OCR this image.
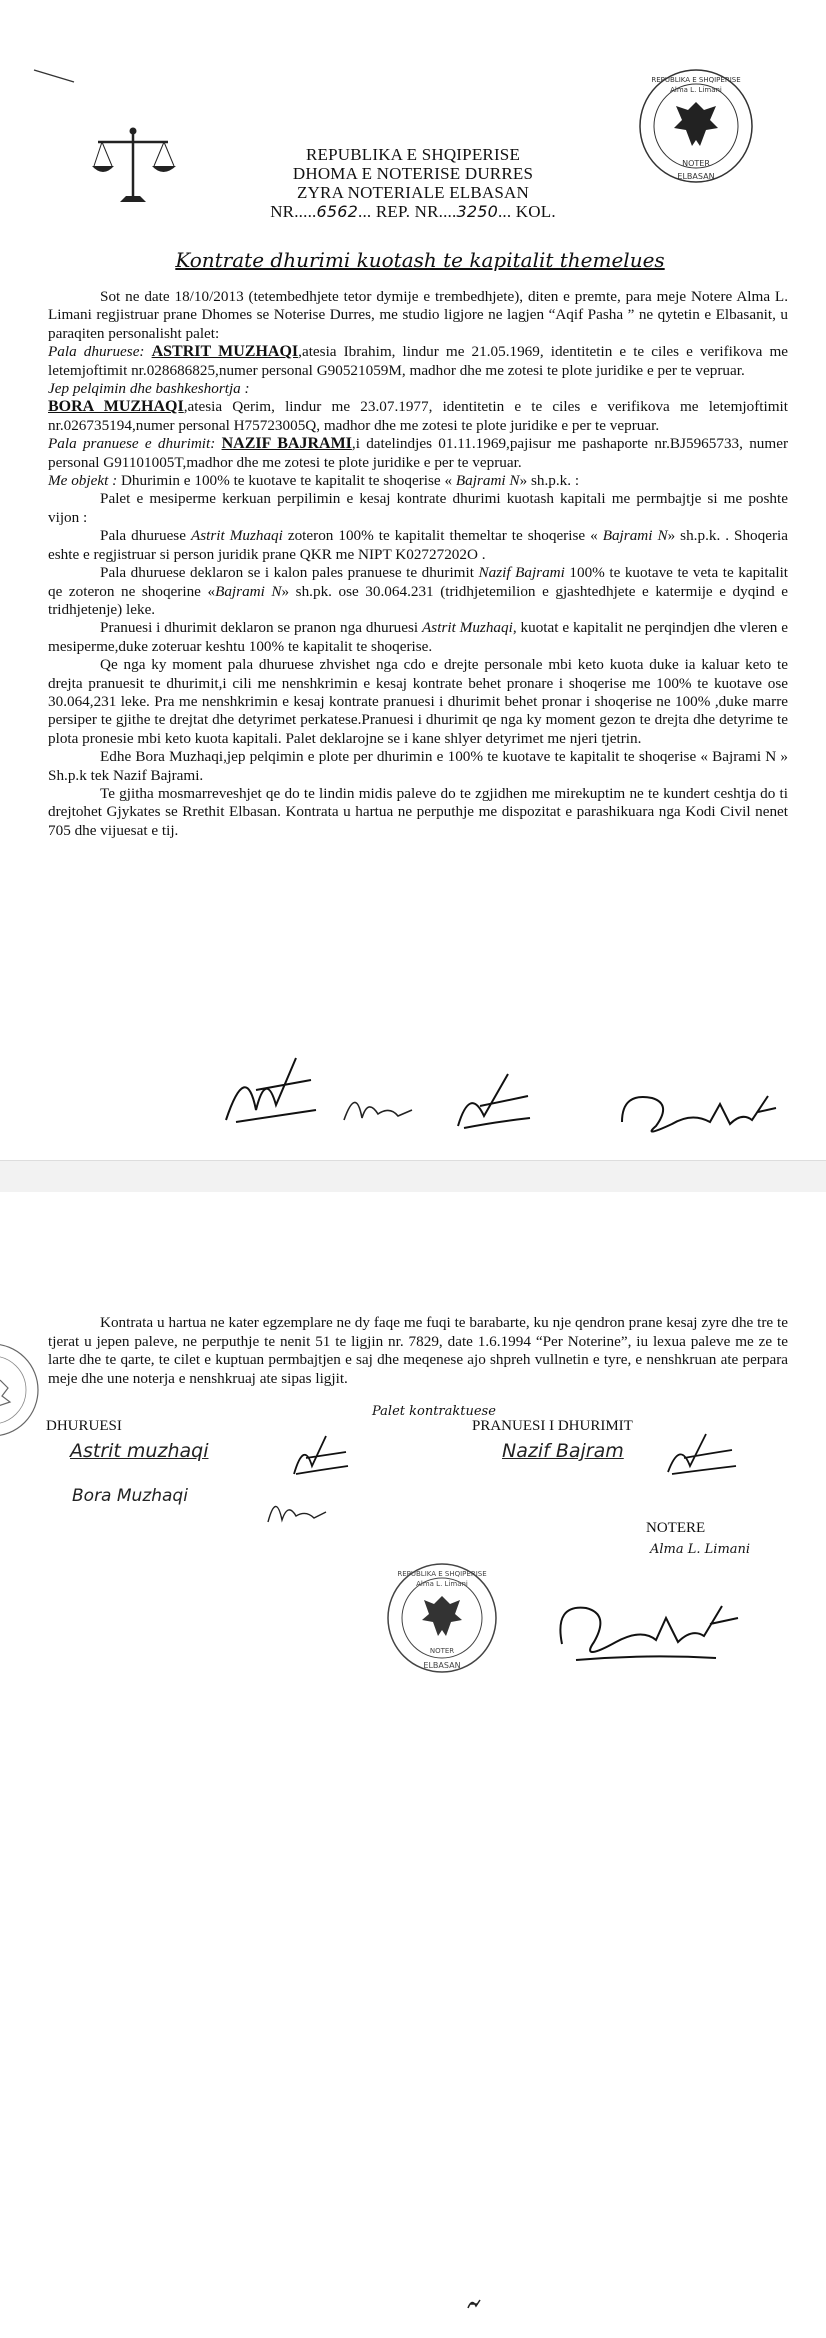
NOTER
ELBASAN
REPUBLIKA E SHQIPERISE
Alma L. Limani
REPUBLIKA E SHQIPERISE
DHOMA E NOTERISE DURRES
ZYRA NOTERIALE ELBASAN
NR.....6562... REP. NR....3250... KOL.
Kontrate dhurimi kuotash te kapitalit themelues

Sot ne date 18/10/2013 (tetembedhjete tetor dymije e trembedhjete), diten e premte, para meje Notere Alma L. Limani regjistruar prane Dhomes se Noterise Durres, me studio ligjore ne lagjen “Aqif Pasha ” ne qytetin e Elbasanit, u paraqiten personalisht palet:

Pala dhuruese: ASTRIT MUZHAQI,atesia Ibrahim, lindur me 21.05.1969, identitetin e te ciles e verifikova me letemjoftimit nr.028686825,numer personal G90521059M, madhor dhe me zotesi te plote juridike e per te vepruar.

Jep pelqimin dhe bashkeshortja :

BORA MUZHAQI,atesia Qerim, lindur me 23.07.1977, identitetin e te ciles e verifikova me letemjoftimit nr.026735194,numer personal H75723005Q, madhor dhe me zotesi te plote juridike e per te vepruar.

Pala pranuese e dhurimit: NAZIF BAJRAMI,i datelindjes 01.11.1969,pajisur me pashaporte nr.BJ5965733, numer personal G91101005T,madhor dhe me zotesi te plote juridike e per te vepruar.

Me objekt : Dhurimin e 100% te kuotave te kapitalit te shoqerise « Bajrami N» sh.p.k. :

Palet e mesiperme kerkuan perpilimin e kesaj kontrate dhurimi kuotash kapitali me permbajtje si me poshte vijon :

Pala dhuruese Astrit Muzhaqi zoteron 100% te kapitalit themeltar te shoqerise « Bajrami N» sh.p.k. . Shoqeria eshte e regjistruar si person juridik prane QKR me NIPT K02727202O .

Pala dhuruese deklaron se i kalon pales pranuese te dhurimit Nazif Bajrami 100% te kuotave te veta te kapitalit qe zoteron ne shoqerine «Bajrami N» sh.pk. ose 30.064.231 (tridhjetemilion e gjashtedhjete e katermije e dyqind e tridhjetenje) leke.

Pranuesi i dhurimit deklaron se pranon nga dhuruesi Astrit Muzhaqi, kuotat e kapitalit ne perqindjen dhe vleren e mesiperme,duke zoteruar keshtu 100% te kapitalit te shoqerise.

Qe nga ky moment pala dhuruese zhvishet nga cdo e drejte personale mbi keto kuota duke ia kaluar keto te drejta pranuesit te dhurimit,i cili me nenshkrimin e kesaj kontrate behet pronare i shoqerise me 100% te kuotave ose 30.064,231 leke. Pra me nenshkrimin e kesaj kontrate pranuesi i dhurimit behet pronar i shoqerise ne 100% ,duke marre persiper te gjithe te drejtat dhe detyrimet perkatese.Pranuesi i dhurimit qe nga ky moment gezon te drejta dhe detyrime te plota pronesie mbi keto kuota kapitali. Palet deklarojne se i kane shlyer detyrimet me njeri tjetrin.

Edhe Bora Muzhaqi,jep pelqimin e plote per dhurimin e 100% te kuotave te kapitalit te shoqerise « Bajrami N » Sh.p.k tek Nazif Bajrami.

Te gjitha mosmarreveshjet qe do te lindin midis paleve do te zgjidhen me mirekuptim ne te kundert ceshtja do ti drejtohet Gjykates se Rrethit Elbasan. Kontrata u hartua ne perputhje me dispozitat e parashikuara nga Kodi Civil nenet 705 dhe vijuesat e tij.

Kontrata u hartua ne kater egzemplare ne dy faqe me fuqi te barabarte, ku nje qendron prane kesaj zyre dhe tre te tjerat u jepen paleve, ne perputhje te nenit 51 te ligjin nr. 7829, date 1.6.1994 “Per Noterine”, iu lexua paleve me ze te larte dhe te qarte, te cilet e kuptuan permbajtjen e saj dhe meqenese ajo shpreh vullnetin e tyre, e nenshkruan ate perpara meje dhe une noterja e nenshkruaj ate sipas ligjit.

Palet kontraktuese
DHURUESI	PRANUESI I DHURIMIT
Astrit muzhaqi
Bora Muzhaqi
Nazif Bajram
NOTERE
Alma L. Limani
REPUBLIKA E SHQIPERISE
Alma L. Limani
NOTER
ELBASAN
